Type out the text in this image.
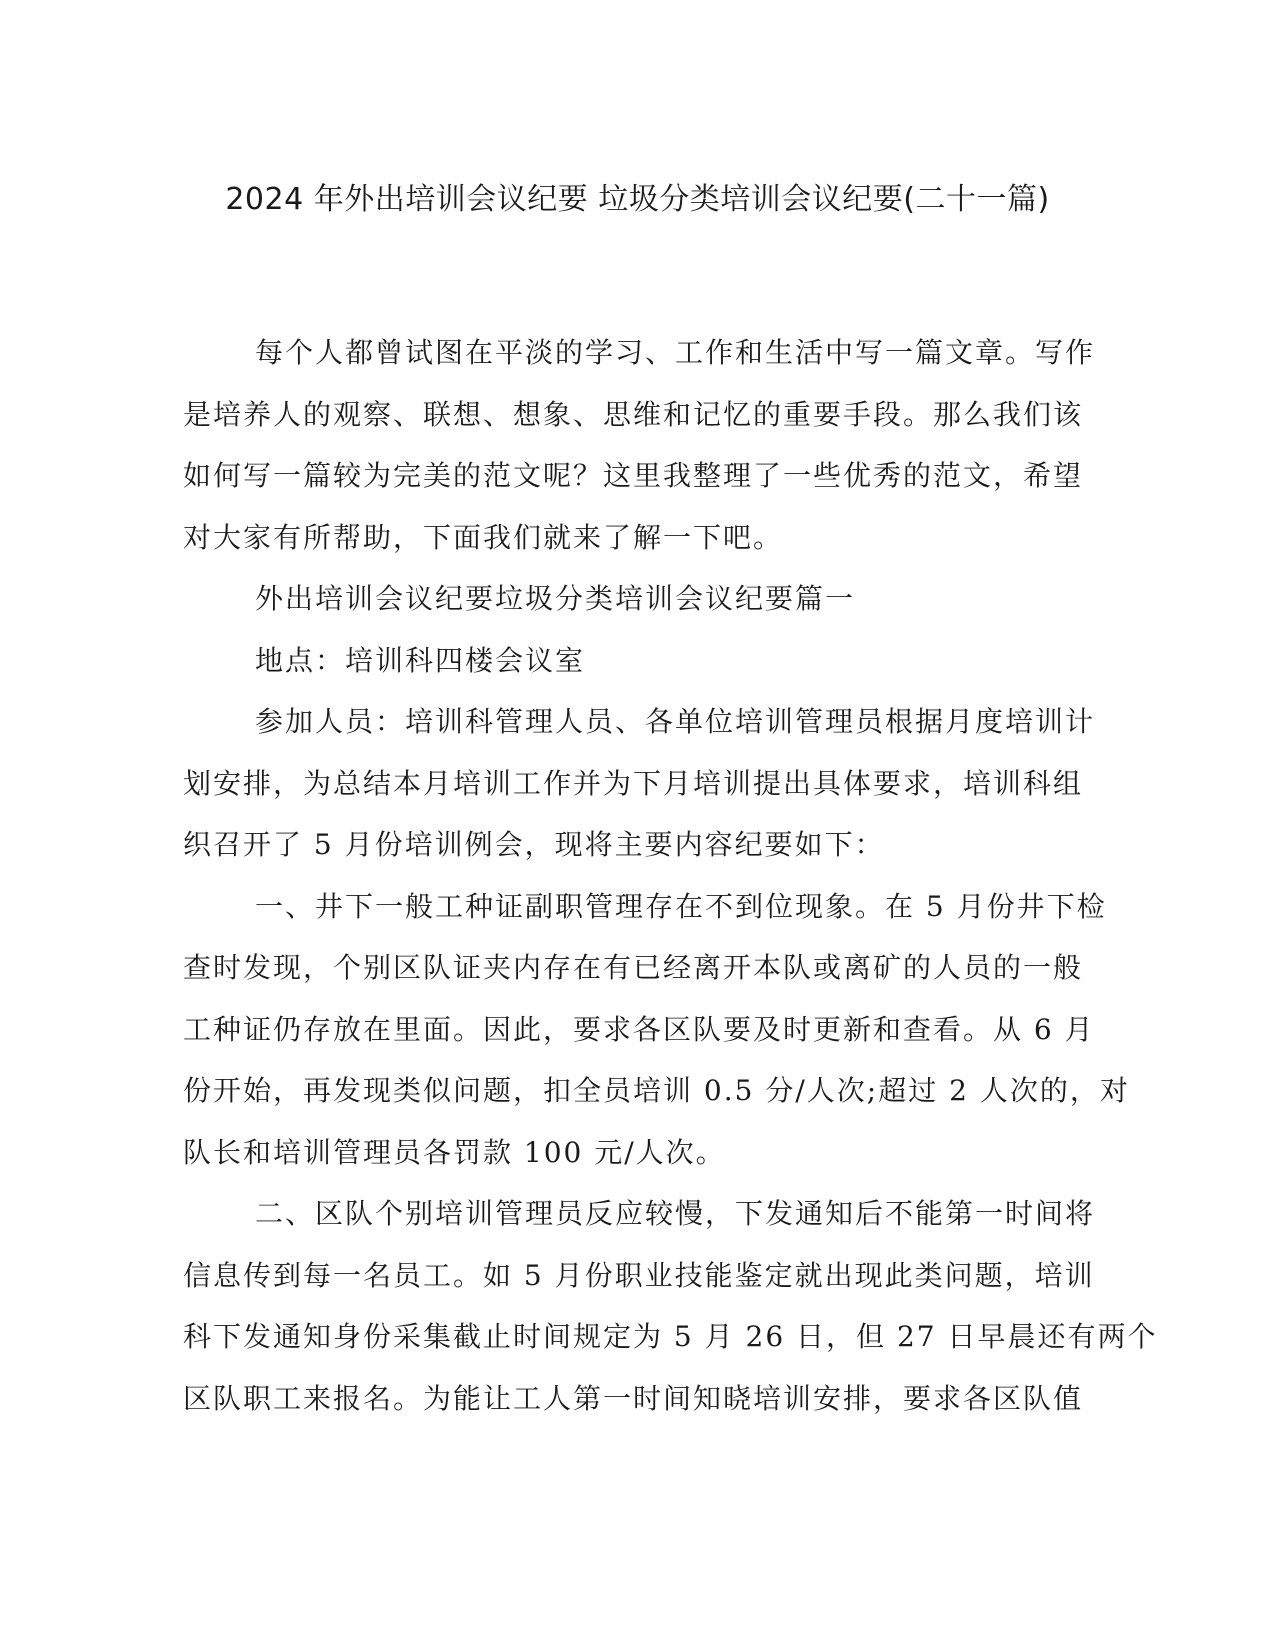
2024 年外出培训会议纪要 垃圾分类培训会议纪要(二十一篇)
每个人都曾试图在平淡的学习、工作和生活中写一篇文章。写作
是培养人的观察、联想、想象、思维和记忆的重要手段。那么我们该
如何写一篇较为完美的范文呢？这里我整理了一些优秀的范文，希望
对大家有所帮助，下面我们就来了解一下吧。
外出培训会议纪要垃圾分类培训会议纪要篇一
地点：培训科四楼会议室
参加人员：培训科管理人员、各单位培训管理员根据月度培训计
划安排，为总结本月培训工作并为下月培训提出具体要求，培训科组
织召开了 5 月份培训例会，现将主要内容纪要如下：
一、井下一般工种证副职管理存在不到位现象。在 5 月份井下检
查时发现，个别区队证夹内存在有已经离开本队或离矿的人员的一般
工种证仍存放在里面。因此，要求各区队要及时更新和查看。从 6 月
份开始，再发现类似问题，扣全员培训 0.5 分/人次;超过 2 人次的，对
队长和培训管理员各罚款 100 元/人次。
二、区队个别培训管理员反应较慢，下发通知后不能第一时间将
信息传到每一名员工。如 5 月份职业技能鉴定就出现此类问题，培训
科下发通知身份采集截止时间规定为 5 月 26 日，但 27 日早晨还有两个
区队职工来报名。为能让工人第一时间知晓培训安排，要求各区队值
